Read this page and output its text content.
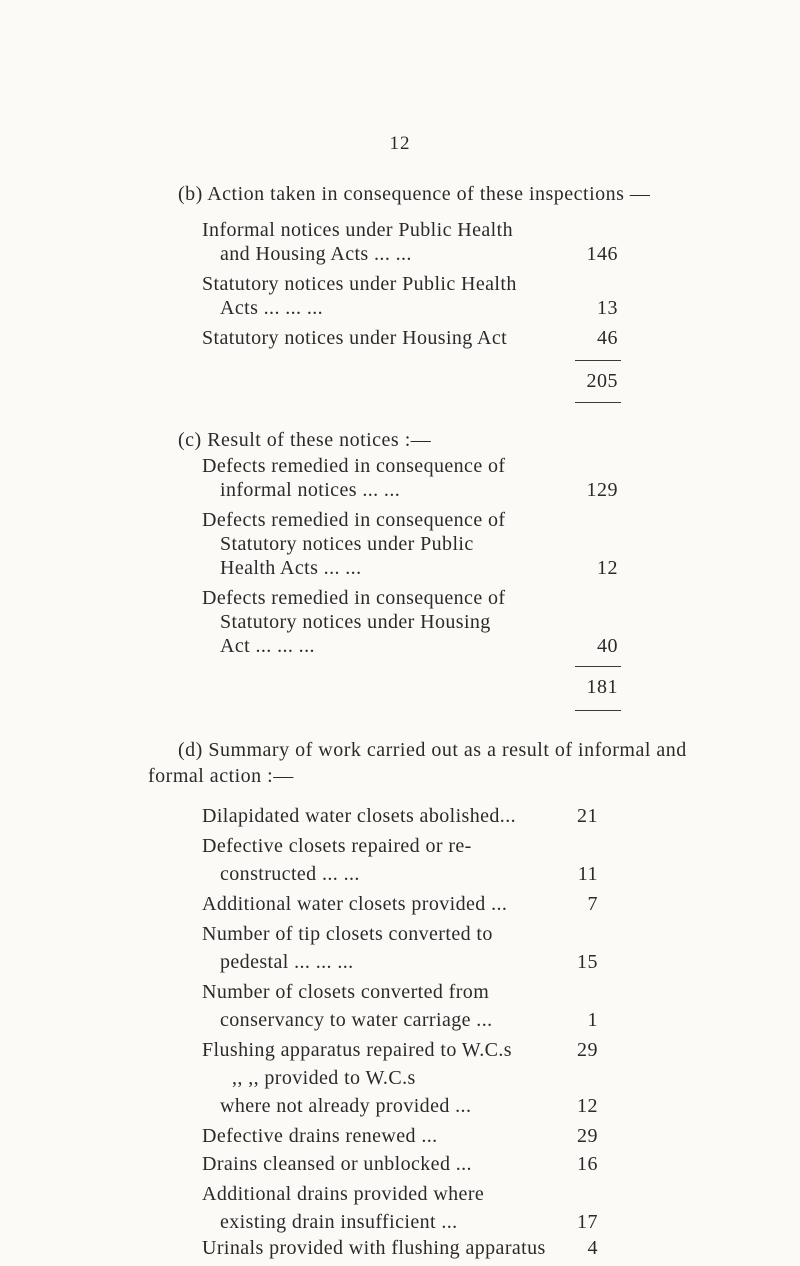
12
(b) Action taken in consequence of these inspections —
Informal notices under Public Health
and Housing Acts ... ...	146
Statutory notices under Public Health
Acts ... ... ...	13
Statutory notices under Housing Act	46
205
(c) Result of these notices :—
Defects remedied in consequence of
informal notices ... ...	129
Defects remedied in consequence of
Statutory notices under Public
Health Acts ... ...	12
Defects remedied in consequence of
Statutory notices under Housing
Act ... ... ...	40
181
(d) Summary of work carried out as a result of informal and
formal action :—
Dilapidated water closets abolished...	21
Defective closets repaired or re-
constructed ... ...	11
Additional water closets provided ...	7
Number of tip closets converted to
pedestal ... ... ...	15
Number of closets converted from
conservancy to water carriage ...	1
Flushing apparatus repaired to W.C.s	29
,, ,, provided to W.C.s
where not already provided ...	12
Defective drains renewed ...	29
Drains cleansed or unblocked ...	16
Additional drains provided where
existing drain insufficient ...	17
Urinals provided with flushing apparatus	4
